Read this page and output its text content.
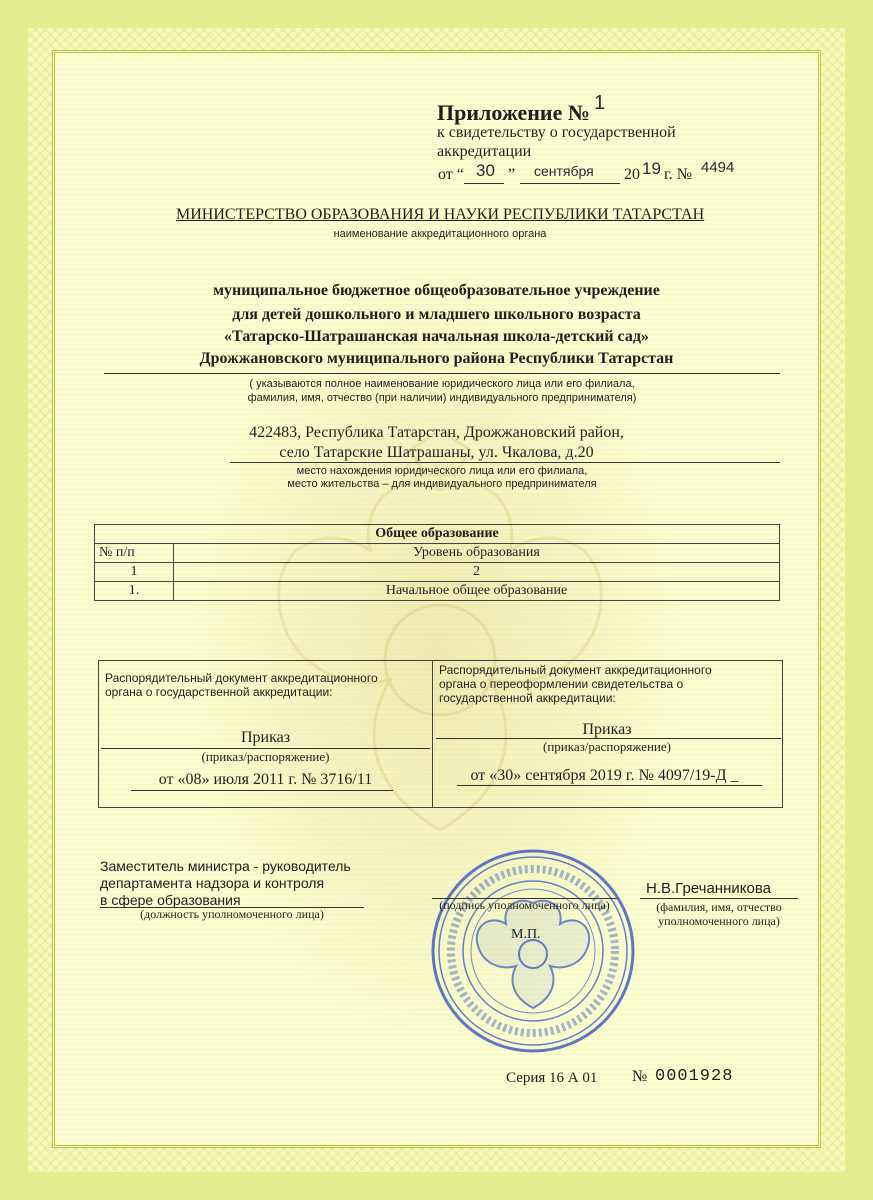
Приложение № 1
к свидетельству о государственной
аккредитации
от “ 30 ” сентября 20 19 г. № 4494
МИНИСТЕРСТВО ОБРАЗОВАНИЯ И НАУКИ РЕСПУБЛИКИ ТАТАРСТАН
наименование аккредитационного органа
муниципальное бюджетное общеобразовательное учреждение
для детей дошкольного и младшего школьного возраста
«Татарско-Шатрашанская начальная школа-детский сад»
Дрожжановского муниципального района Республики Татарстан
( указываются полное наименование юридического лица или его филиала,
фамилия, имя, отчество (при наличии) индивидуального предпринимателя)
422483, Республика Татарстан, Дрожжановский район,
село Татарские Шатрашаны, ул. Чкалова, д.20
место нахождения юридического лица или его филиала,
место жительства – для индивидуального предпринимателя
Общее образование	
№ п/п	Уровень образования
1	2
1.	Начальное общее образование
Распорядительный документ аккредитационного
органа о государственной аккредитации:
Приказ
(приказ/распоряжение)
от «08» июля 2011 г. № 3716/11
Распорядительный документ аккредитационного
органа о переоформлении свидетельства о
государственной аккредитации:
Приказ
(приказ/распоряжение)
от «30» сентября 2019 г. № 4097/19-Д _
Заместитель министра - руководитель
департамента надзора и контроля
в сфере образования
(должность уполномоченного лица)
(подпись уполномоченного лица)
М.П.
Н.В.Гречанникова
(фамилия, имя, отчество
уполномоченного лица)
Серия 16 А 01 № 0001928
